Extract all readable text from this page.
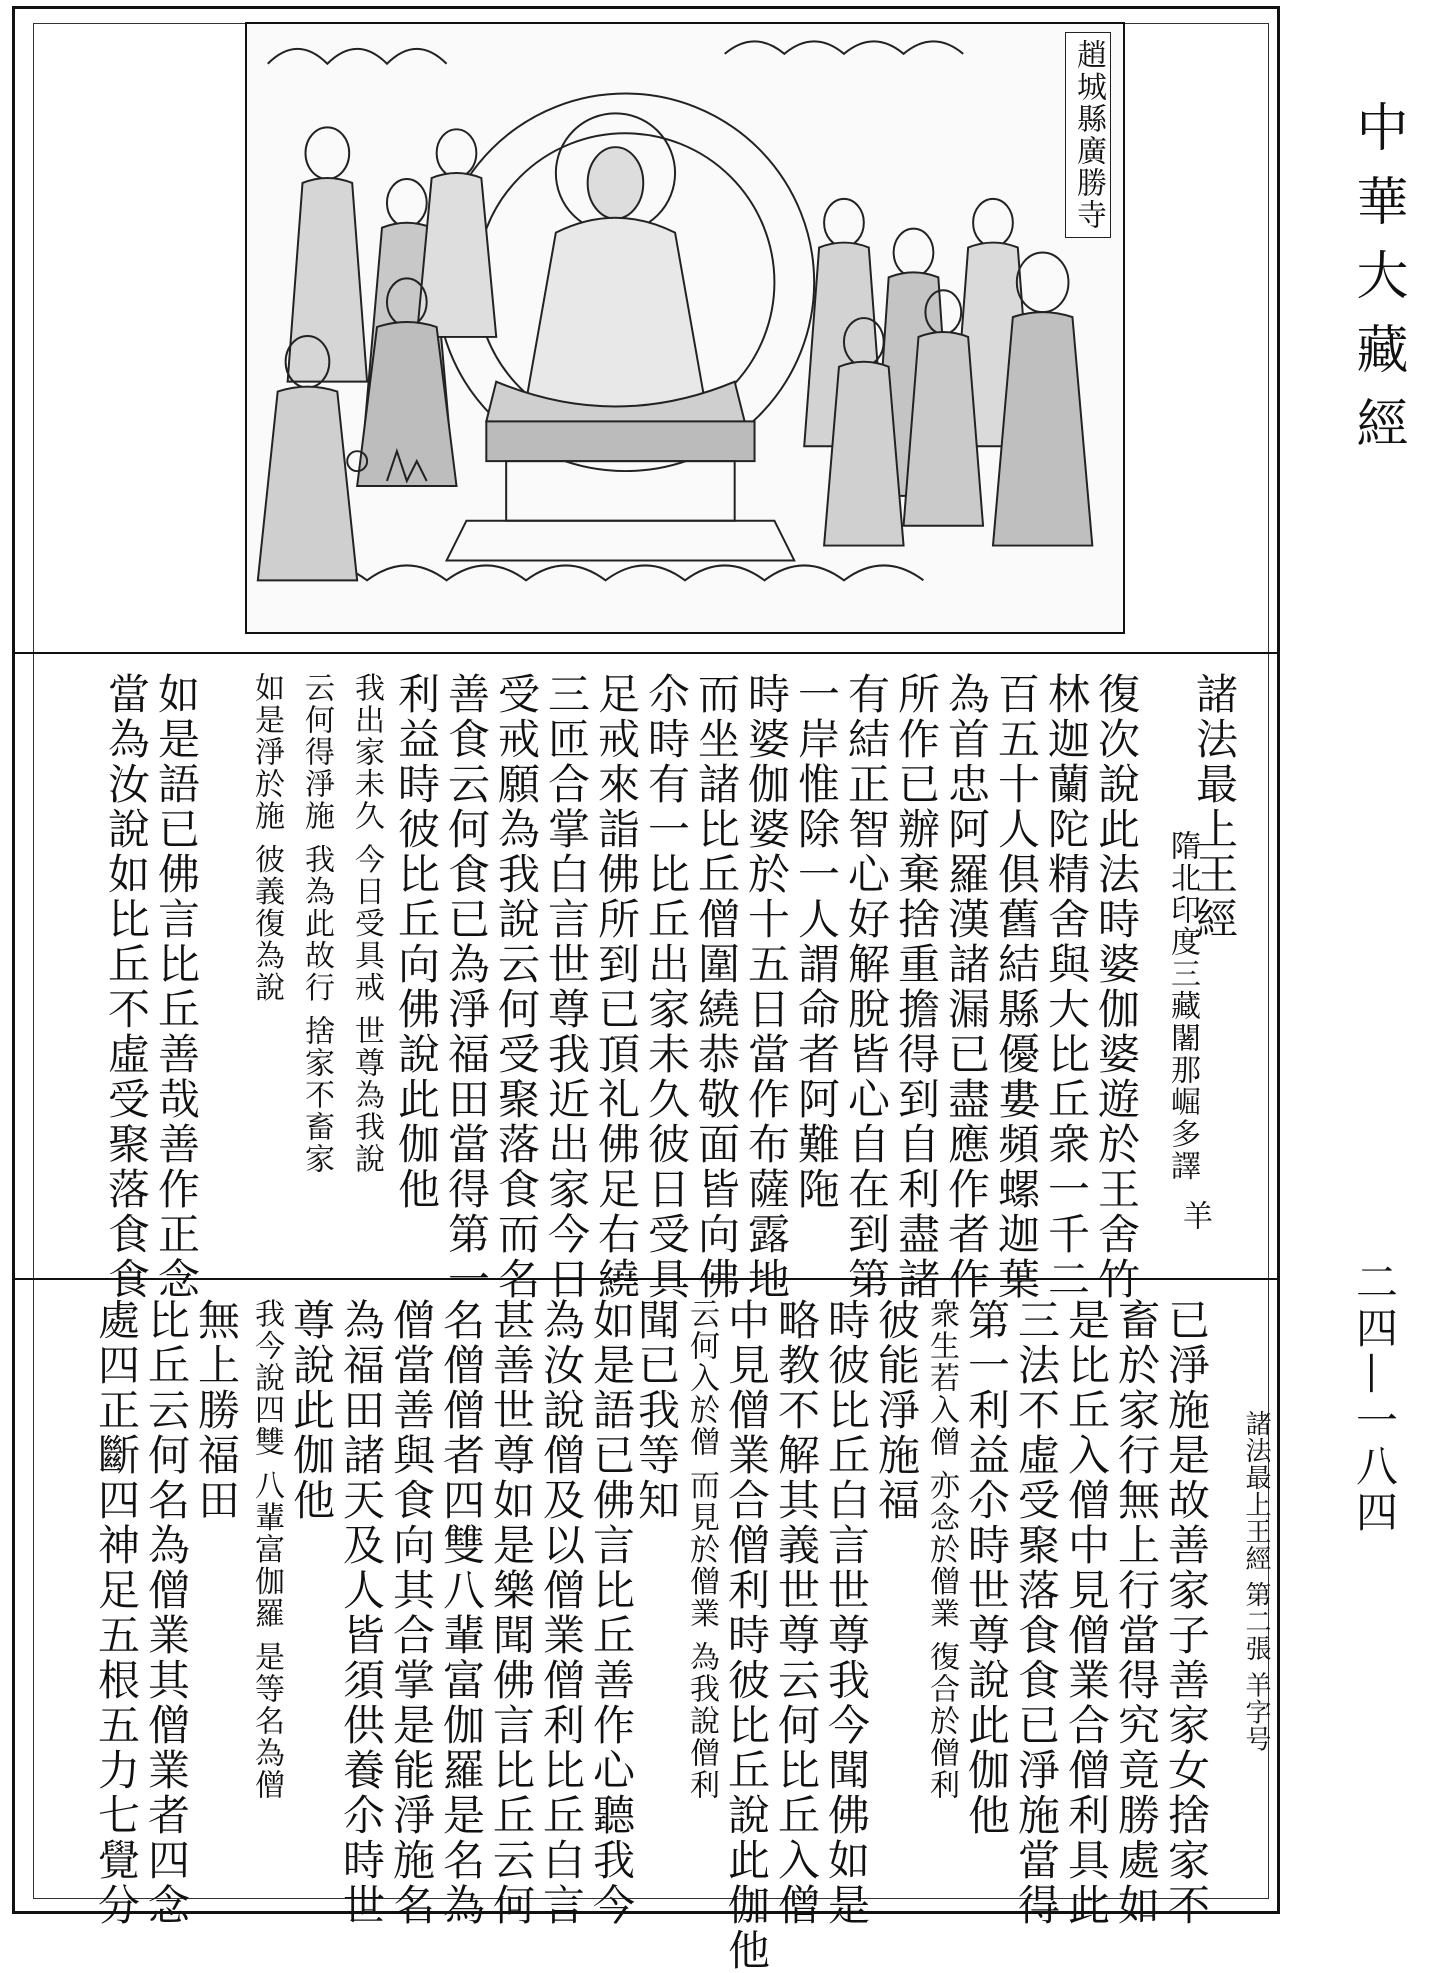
趙城縣廣勝寺	中華大藏經
二四—一八四
諸法最上王經
隋北印度三藏闍那崛多譯
羊
復次說此法時婆伽婆遊於王舍竹
林迦蘭陀精舍與大比丘衆一千二
百五十人俱舊結縣優婁頻螺迦葉
為首忠阿羅漢諸漏已盡應作者作
所作已辦棄捨重擔得到自利盡諸
有結正智心好解脫皆心自在到第
一岸惟除一人謂命者阿難陁
時婆伽婆於十五日當作布薩露地
而坐諸比丘僧圍繞恭敬面皆向佛
尒時有一比丘出家未久彼日受具
足戒來詣佛所到已頂礼佛足右繞
三匝合掌白言世尊我近出家今日
受戒願為我說云何受聚落食而名
善食云何食已為淨福田當得第一
利益時彼比丘向佛說此伽他
我出家未久 今日受具戒 世尊為我說
云何得淨施 我為此故行 捨家不畜家
如是淨於施 彼義復為說
如是語已佛言比丘善哉善作正念
當為汝說如比丘不虛受聚落食食
諸法最上王經 第二張 羊字号
已淨施是故善家子善家女捨家不
畜於家行無上行當得究竟勝處如
是比丘入僧中見僧業合僧利具此
三法不虛受聚落食食已淨施當得
第一利益尒時世尊說此伽他
衆生若入僧 亦念於僧業 復合於僧利
彼能淨施福
時彼比丘白言世尊我今聞佛如是
略教不解其義世尊云何比丘入僧
中見僧業合僧利時彼比丘說此伽他
云何入於僧 而見於僧業 為我說僧利
聞已我等知
如是語已佛言比丘善作心聽我今
為汝說僧及以僧業僧利比丘白言
甚善世尊如是樂聞佛言比丘云何
名僧僧者四雙八輩富伽羅是名為
僧當善與食向其合掌是能淨施名
為福田諸天及人皆須供養尒時世
尊說此伽他
我今說四雙 八輩富伽羅 是等名為僧
無上勝福田
比丘云何名為僧業其僧業者四念
處四正斷四神足五根五力七覺分
